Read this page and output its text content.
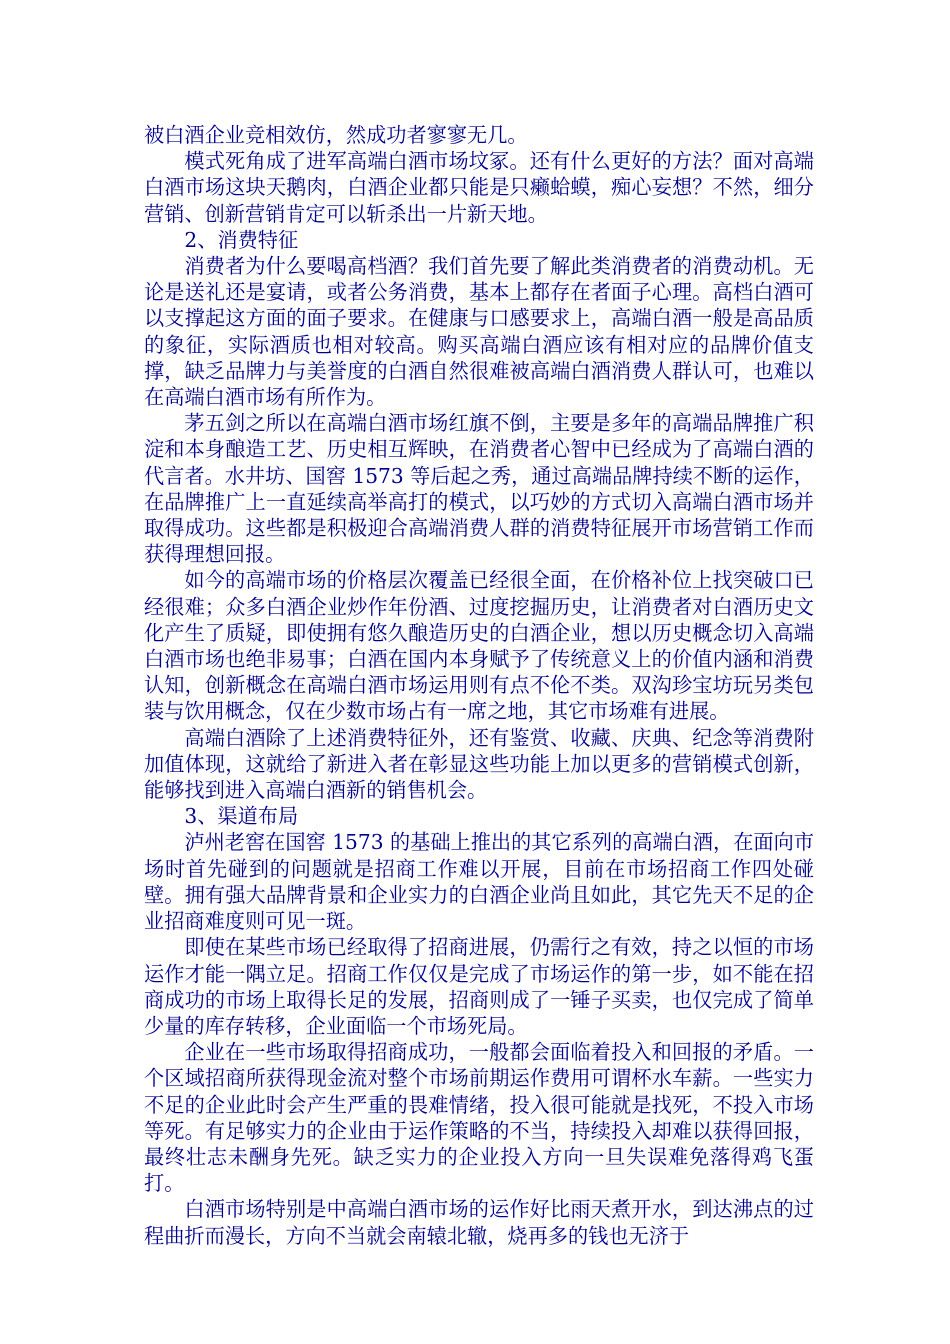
被白酒企业竞相效仿，然成功者寥寥无几。

模式死角成了进军高端白酒市场坟冢。还有什么更好的方法？面对高端白酒市场这块天鹅肉，白酒企业都只能是只癞蛤蟆，痴心妄想？不然，细分营销、创新营销肯定可以斩杀出一片新天地。

2、消费特征

消费者为什么要喝高档酒？我们首先要了解此类消费者的消费动机。无论是送礼还是宴请，或者公务消费，基本上都存在者面子心理。高档白酒可以支撑起这方面的面子要求。在健康与口感要求上，高端白酒一般是高品质的象征，实际酒质也相对较高。购买高端白酒应该有相对应的品牌价值支撑，缺乏品牌力与美誉度的白酒自然很难被高端白酒消费人群认可，也难以在高端白酒市场有所作为。

茅五剑之所以在高端白酒市场红旗不倒，主要是多年的高端品牌推广积淀和本身酿造工艺、历史相互辉映，在消费者心智中已经成为了高端白酒的代言者。水井坊、国窖 1573 等后起之秀，通过高端品牌持续不断的运作，在品牌推广上一直延续高举高打的模式，以巧妙的方式切入高端白酒市场并取得成功。这些都是积极迎合高端消费人群的消费特征展开市场营销工作而获得理想回报。

如今的高端市场的价格层次覆盖已经很全面，在价格补位上找突破口已经很难；众多白酒企业炒作年份酒、过度挖掘历史，让消费者对白酒历史文化产生了质疑，即使拥有悠久酿造历史的白酒企业，想以历史概念切入高端白酒市场也绝非易事；白酒在国内本身赋予了传统意义上的价值内涵和消费认知，创新概念在高端白酒市场运用则有点不伦不类。双沟珍宝坊玩另类包装与饮用概念，仅在少数市场占有一席之地，其它市场难有进展。

高端白酒除了上述消费特征外，还有鉴赏、收藏、庆典、纪念等消费附加值体现，这就给了新进入者在彰显这些功能上加以更多的营销模式创新，能够找到进入高端白酒新的销售机会。

3、渠道布局

泸州老窖在国窖 1573 的基础上推出的其它系列的高端白酒，在面向市场时首先碰到的问题就是招商工作难以开展，目前在市场招商工作四处碰壁。拥有强大品牌背景和企业实力的白酒企业尚且如此，其它先天不足的企业招商难度则可见一斑。

即使在某些市场已经取得了招商进展，仍需行之有效，持之以恒的市场运作才能一隅立足。招商工作仅仅是完成了市场运作的第一步，如不能在招商成功的市场上取得长足的发展，招商则成了一锤子买卖，也仅完成了简单少量的库存转移，企业面临一个市场死局。

企业在一些市场取得招商成功，一般都会面临着投入和回报的矛盾。一个区域招商所获得现金流对整个市场前期运作费用可谓杯水车薪。一些实力不足的企业此时会产生严重的畏难情绪，投入很可能就是找死，不投入市场等死。有足够实力的企业由于运作策略的不当，持续投入却难以获得回报，最终壮志未酬身先死。缺乏实力的企业投入方向一旦失误难免落得鸡飞蛋打。

白酒市场特别是中高端白酒市场的运作好比雨天煮开水，到达沸点的过程曲折而漫长，方向不当就会南辕北辙，烧再多的钱也无济于
